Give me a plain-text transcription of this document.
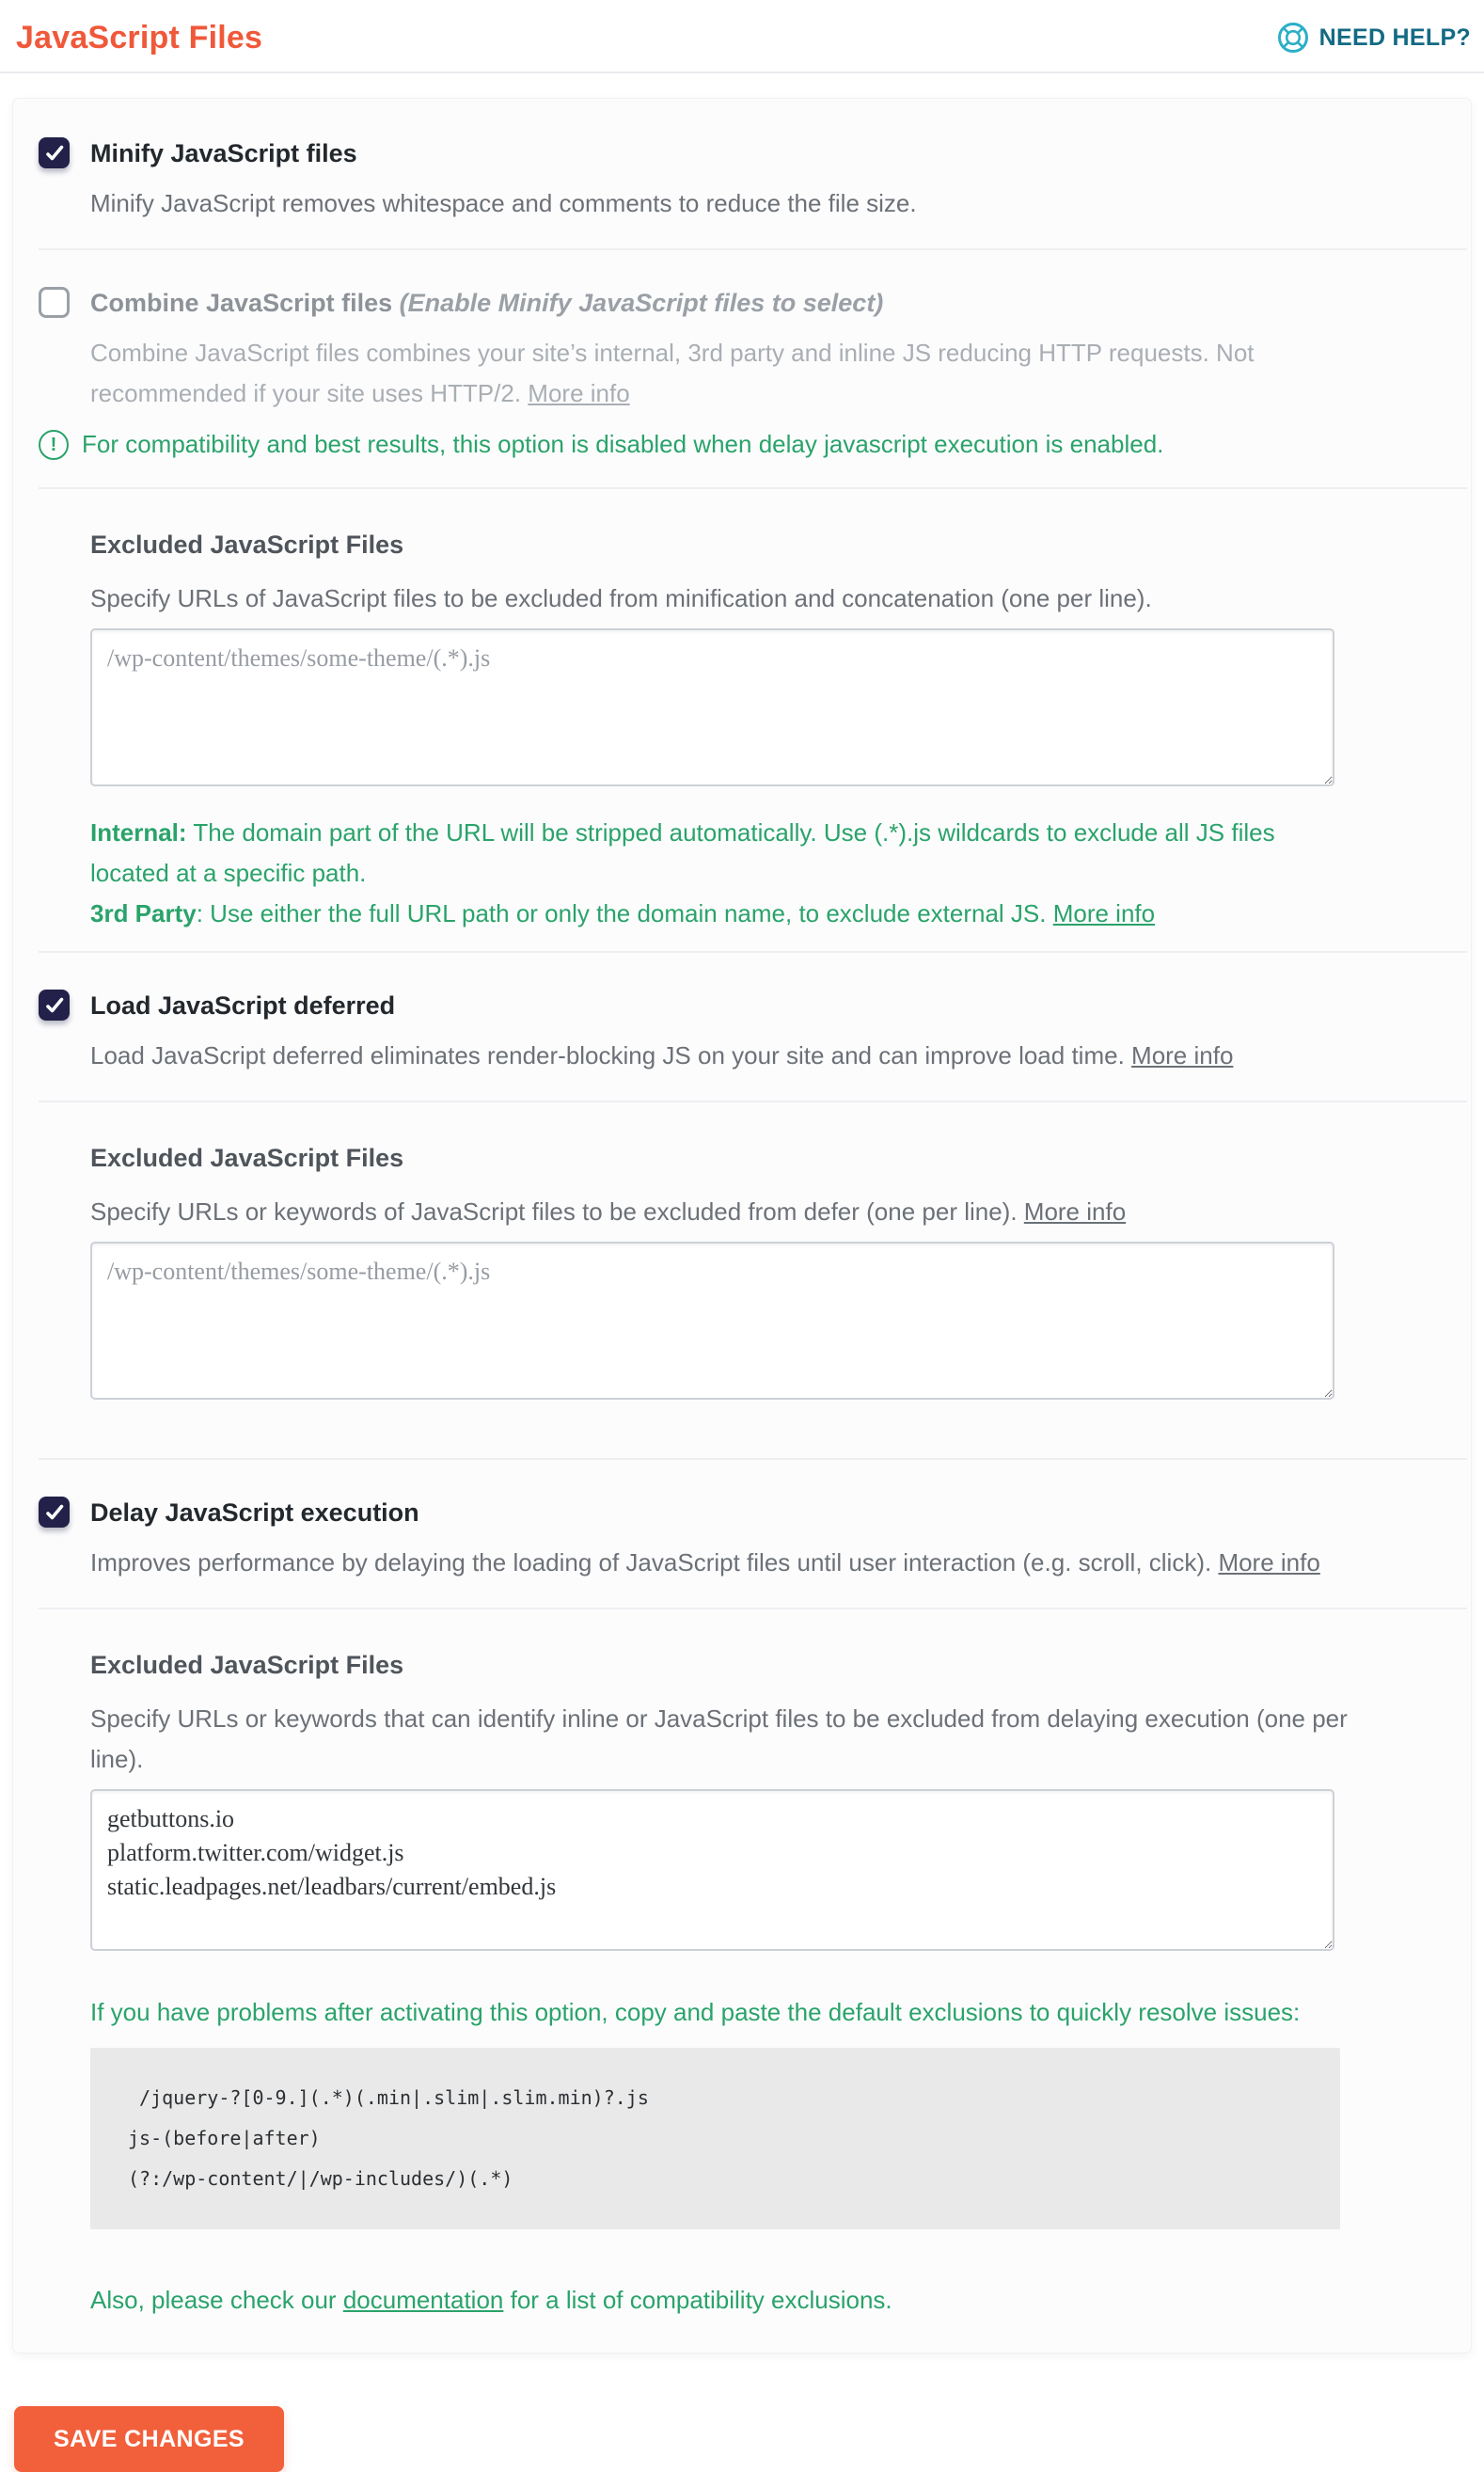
JavaScript Files	NEED HELP?
Minify JavaScript files

Minify JavaScript removes whitespace and comments to reduce the file size.

Combine JavaScript files (Enable Minify JavaScript files to select)

Combine JavaScript files combines your site’s internal, 3rd party and inline JS reducing HTTP requests. Not recommended if your site uses HTTP/2. More info

!	For compatibility and best results, this option is disabled when delay javascript execution is enabled.
Excluded JavaScript Files

Specify URLs of JavaScript files to be excluded from minification and concatenation (one per line).

/wp-content/themes/some-theme/(.*).js

Internal: The domain part of the URL will be stripped automatically. Use (.*).js wildcards to exclude all JS files located at a specific path.

3rd Party: Use either the full URL path or only the domain name, to exclude external JS. More info

Load JavaScript deferred

Load JavaScript deferred eliminates render-blocking JS on your site and can improve load time. More info

Excluded JavaScript Files

Specify URLs or keywords of JavaScript files to be excluded from defer (one per line). More info

/wp-content/themes/some-theme/(.*).js
Delay JavaScript execution

Improves performance by delaying the loading of JavaScript files until user interaction (e.g. scroll, click). More info

Excluded JavaScript Files

Specify URLs or keywords that can identify inline or JavaScript files to be excluded from delaying execution (one per line).

getbuttons.io platform.twitter.com/widget.js static.leadpages.net/leadbars/current/embed.js

If you have problems after activating this option, copy and paste the default exclusions to quickly resolve issues:

/jquery-?[0-9.](.*)(.min|.slim|.slim.min)?.js
js-(before|after)
(?:/wp-content/|/wp-includes/)(.*)

Also, please check our documentation for a list of compatibility exclusions.

SAVE CHANGES
